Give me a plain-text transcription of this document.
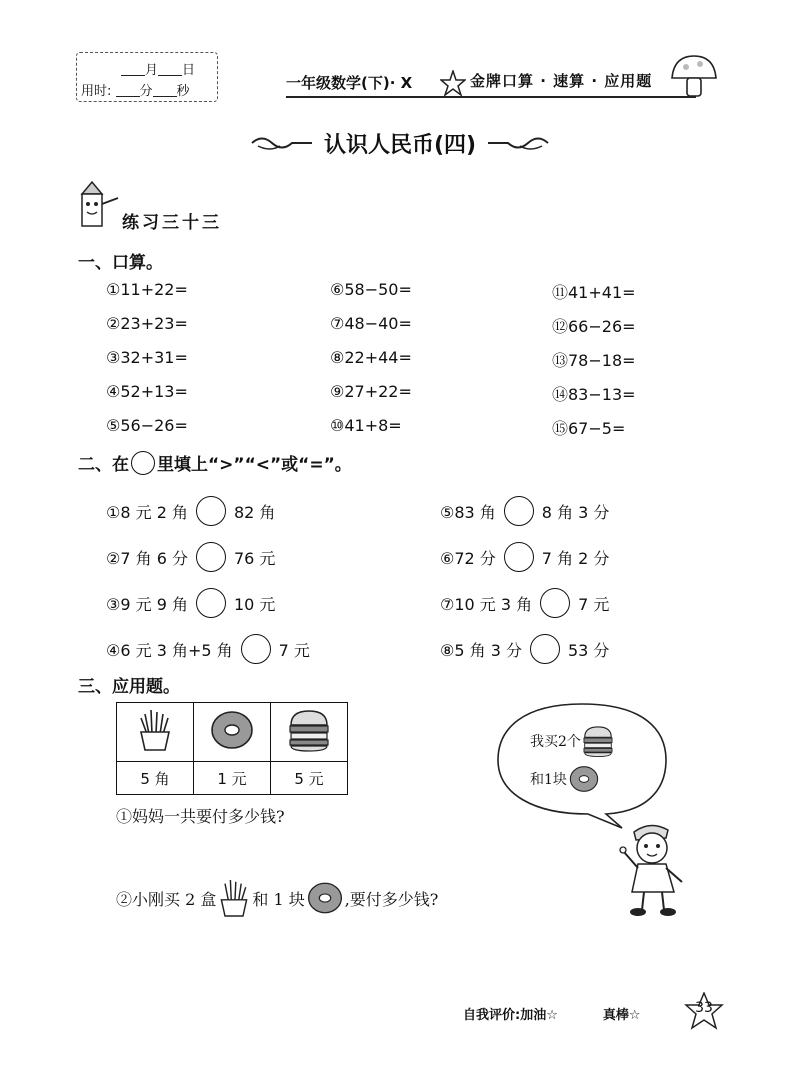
月 日
用时: 分 秒	一年级数学(下)· X	金牌口算 · 速算 · 应用题
认识人民币(四)
练习三十三
一、口算。
①11+22=
②23+23=
③32+31=
④52+13=
⑤56−26=
⑥58−50=
⑦48−40=
⑧22+44=
⑨27+22=
⑩41+8=
⑪41+41=
⑫66−26=
⑬78−18=
⑭83−13=
⑮67−5=
二、在 里填上“>”“<”或“=”。
①8 元 2 角	82 角
②7 角 6 分	76 元
③9 元 9 角	10 元
④6 元 3 角+5 角	7 元
⑤83 角	8 角 3 分
⑥72 分	7 角 2 分
⑦10 元 3 角	7 元
⑧5 角 3 分	53 分
三、应用题。

5 角	1 元	5 元
①妈妈一共要付多少钱?
②小刚买 2 盒 和 1 块	,要付多少钱?
我买2个
和1块
自我评价:加油☆	真棒☆	33
